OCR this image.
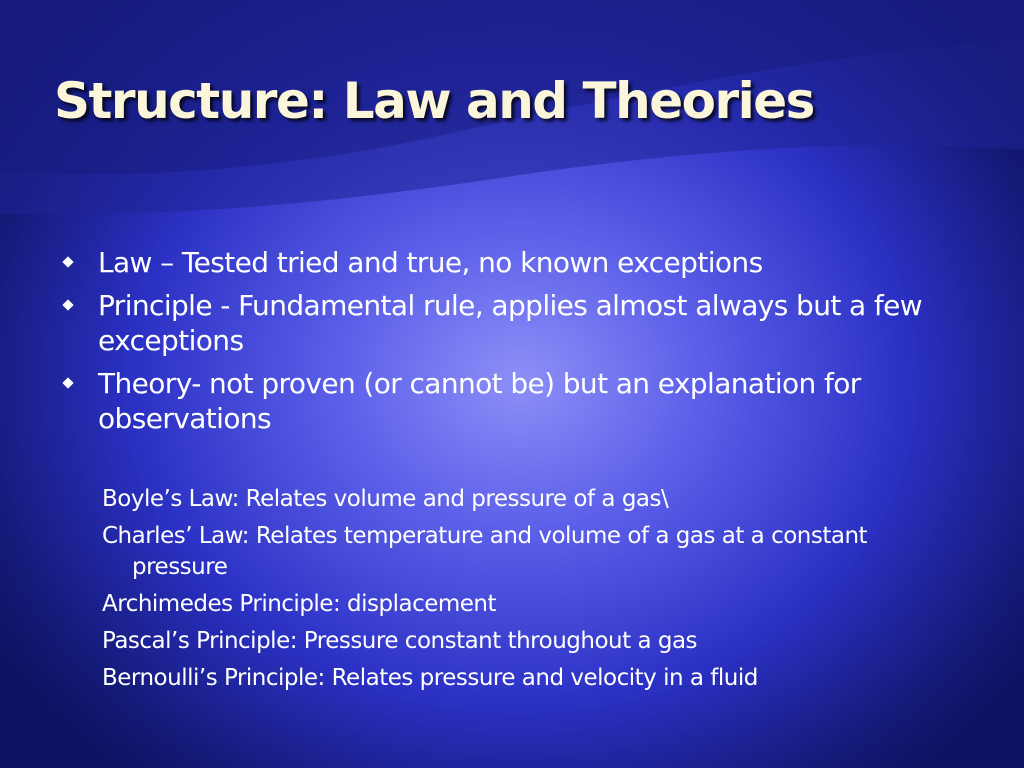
Structure: Law and Theories
Law – Tested tried and true, no known exceptions
Principle - Fundamental rule, applies almost always but a few exceptions
Theory- not proven (or cannot be) but an explanation for observations
Boyle’s Law: Relates volume and pressure of a gas\
Charles’ Law: Relates temperature and volume of a gas at a constant pressure
Archimedes Principle: displacement
Pascal’s Principle: Pressure constant throughout a gas
Bernoulli’s Principle: Relates pressure and velocity in a fluid
